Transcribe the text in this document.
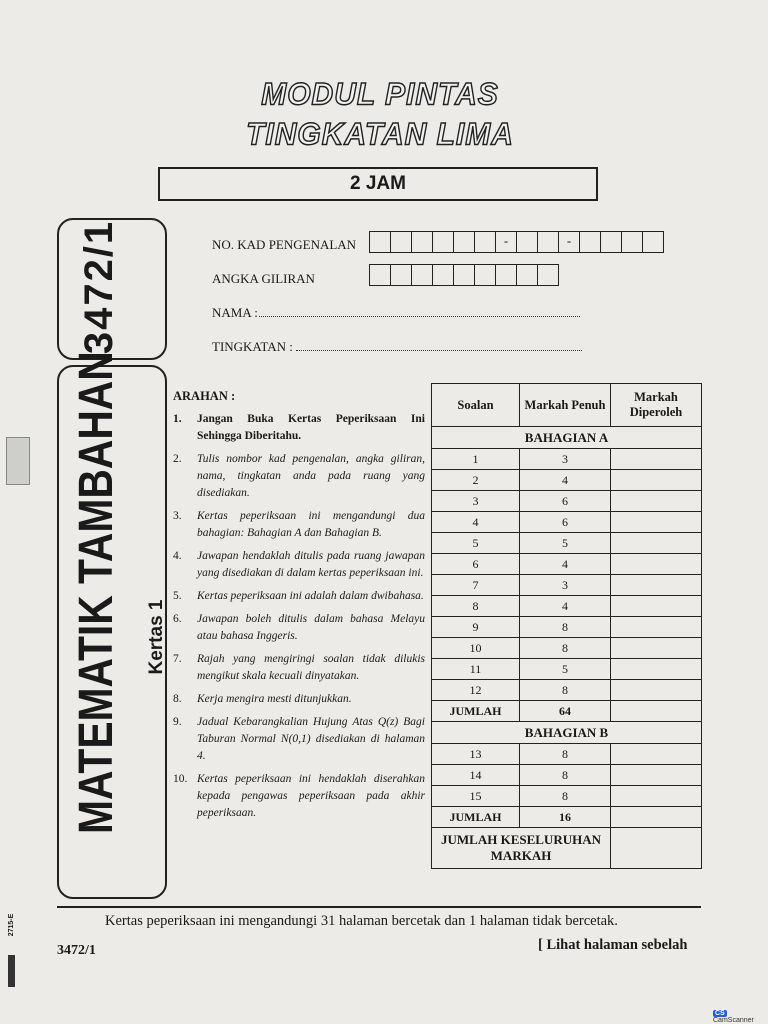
MODUL PINTAS
TINGKATAN LIMA
2 JAM
3472/1
MATEMATIK TAMBAHAN Kertas 1
NO. KAD PENGENALAN	-	-
ANGKA GILIRAN
NAMA :
TINGKATAN :
ARAHAN :
1. Jangan Buka Kertas Peperiksaan Ini Sehingga Diberitahu.
2. Tulis nombor kad pengenalan, angka giliran, nama, tingkatan anda pada ruang yang disediakan.
3. Kertas peperiksaan ini mengandungi dua bahagian: Bahagian A dan Bahagian B.
4. Jawapan hendaklah ditulis pada ruang jawapan yang disediakan di dalam kertas peperiksaan ini.
5. Kertas peperiksaan ini adalah dalam dwibahasa.
6. Jawapan boleh ditulis dalam bahasa Melayu atau bahasa Inggeris.
7. Rajah yang mengiringi soalan tidak dilukis mengikut skala kecuali dinyatakan.
8. Kerja mengira mesti ditunjukkan.
9. Jadual Kebarangkalian Hujung Atas Q(z) Bagi Taburan Normal N(0,1) disediakan di halaman 4.
10. Kertas peperiksaan ini hendaklah diserahkan kepada pengawas peperiksaan pada akhir peperiksaan.
Soalan	Markah Penuh	Markah Diperoleh
BAHAGIAN A		
1	3	
2	4	
3	6	
4	6	
5	5	
6	4	
7	3	
8	4	
9	8	
10	8	
11	5	
12	8	
JUMLAH	64	
BAHAGIAN B		
13	8	
14	8	
15	8	
JUMLAH	16	
JUMLAH KESELURUHAN MARKAH		
Kertas peperiksaan ini mengandungi 31 halaman bercetak dan 1 halaman tidak bercetak.
3472/1	[ Lihat halaman sebelah
2715-E
CS CamScanner
